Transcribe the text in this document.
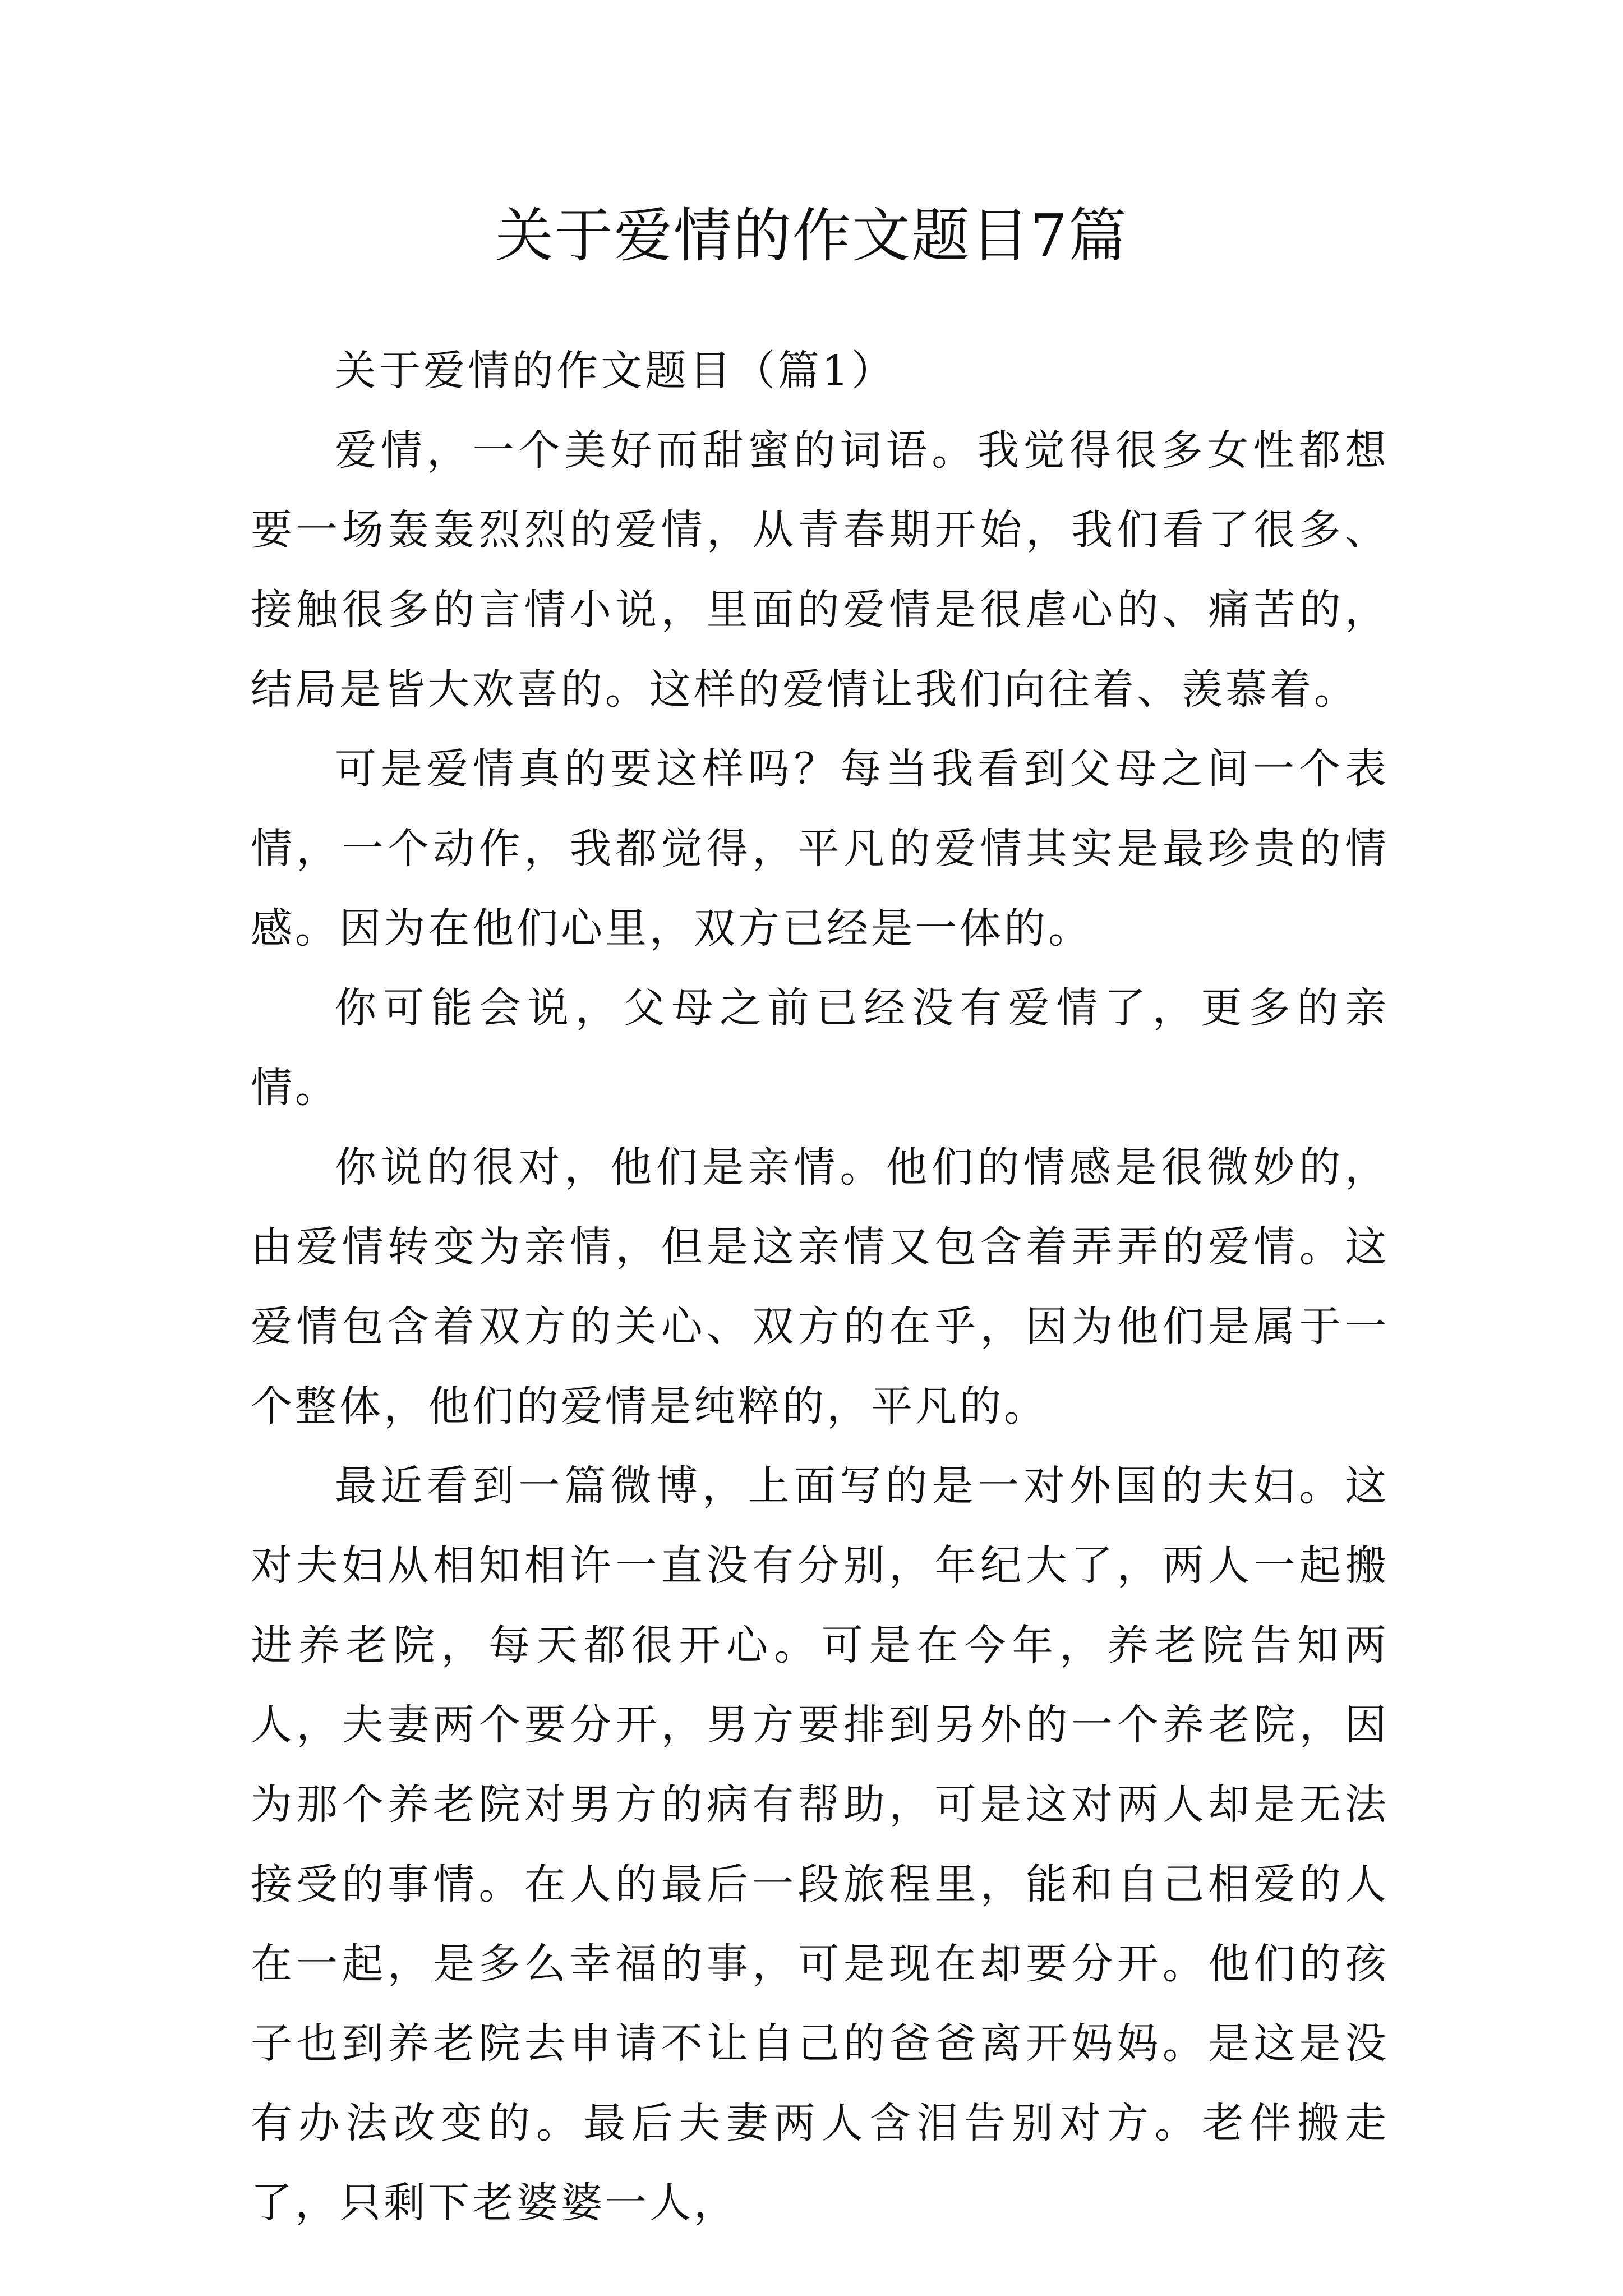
关于爱情的作文题目7篇

关于爱情的作文题目（篇1）

爱情，一个美好而甜蜜的词语。我觉得很多女性都想要一场轰轰烈烈的爱情，从青春期开始，我们看了很多、接触很多的言情小说，里面的爱情是很虐心的、痛苦的，结局是皆大欢喜的。这样的爱情让我们向往着、羡慕着。

可是爱情真的要这样吗？每当我看到父母之间一个表情，一个动作，我都觉得，平凡的爱情其实是最珍贵的情感。因为在他们心里，双方已经是一体的。

你可能会说，父母之前已经没有爱情了，更多的亲情。

你说的很对，他们是亲情。他们的情感是很微妙的，由爱情转变为亲情，但是这亲情又包含着弄弄的爱情。这爱情包含着双方的关心、双方的在乎，因为他们是属于一个整体，他们的爱情是纯粹的，平凡的。

最近看到一篇微博，上面写的是一对外国的夫妇。这对夫妇从相知相许一直没有分别，年纪大了，两人一起搬进养老院，每天都很开心。可是在今年，养老院告知两人，夫妻两个要分开，男方要排到另外的一个养老院，因为那个养老院对男方的病有帮助，可是这对两人却是无法接受的事情。在人的最后一段旅程里，能和自己相爱的人在一起，是多么幸福的事，可是现在却要分开。他们的孩子也到养老院去申请不让自己的爸爸离开妈妈。是这是没有办法改变的。最后夫妻两人含泪告别对方。老伴搬走了，只剩下老婆婆一人，
